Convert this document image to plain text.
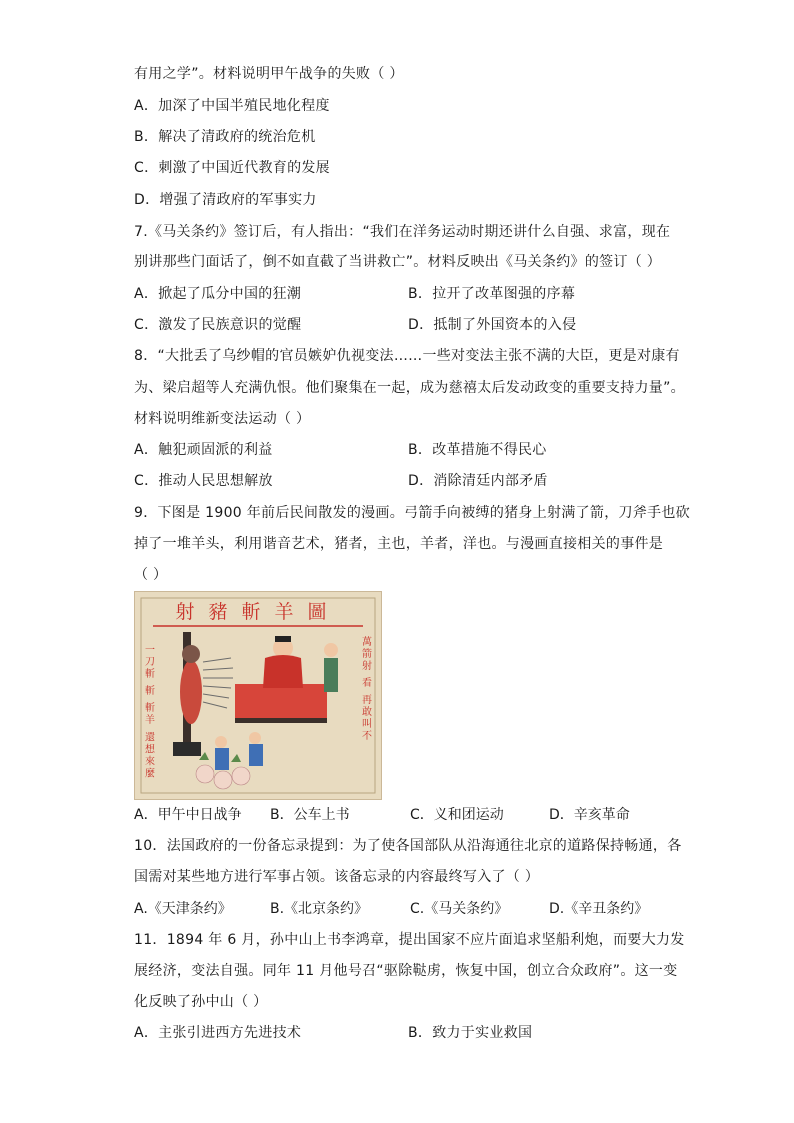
有用之学”。材料说明甲午战争的失败（ ）
A．加深了中国半殖民地化程度
B．解决了清政府的统治危机
C．刺激了中国近代教育的发展
D．增强了清政府的军事实力
7.《马关条约》签订后，有人指出：“我们在洋务运动时期还讲什么自强、求富，现在
别讲那些门面话了，倒不如直截了当讲救亡”。材料反映出《马关条约》的签订（ ）
A．掀起了瓜分中国的狂潮	B．拉开了改革图强的序幕
C．激发了民族意识的觉醒	D．抵制了外国资本的入侵
8．“大批丢了乌纱帽的官员嫉妒仇视变法……一些对变法主张不满的大臣，更是对康有
为、梁启超等人充满仇恨。他们聚集在一起，成为慈禧太后发动政变的重要支持力量”。
材料说明维新变法运动（ ）
A．触犯顽固派的利益	B．改革措施不得民心
C．推动人民思想解放	D．消除清廷内部矛盾
9．下图是 1900 年前后民间散发的漫画。弓箭手向被缚的猪身上射满了箭，刀斧手也砍
掉了一堆羊头，利用谐音艺术，猪者，主也，羊者，洋也。与漫画直接相关的事件是
（ ）
射豬斬羊圖
一刀斬 斬 斬羊 還想來麼	萬箭射 看 再敢叫不
A．甲午中日战争 B．公车上书	C．义和团运动	D．辛亥革命
10．法国政府的一份备忘录提到：为了使各国部队从沿海通往北京的道路保持畅通，各
国需对某些地方进行军事占领。该备忘录的内容最终写入了（ ）
A.《天津条约》	B.《北京条约》	C.《马关条约》	D.《辛丑条约》
11．1894 年 6 月，孙中山上书李鸿章，提出国家不应片面追求坚船利炮，而要大力发
展经济，变法自强。同年 11 月他号召“驱除鞑虏，恢复中国，创立合众政府”。这一变
化反映了孙中山（ ）
A．主张引进西方先进技术	B．致力于实业救国
